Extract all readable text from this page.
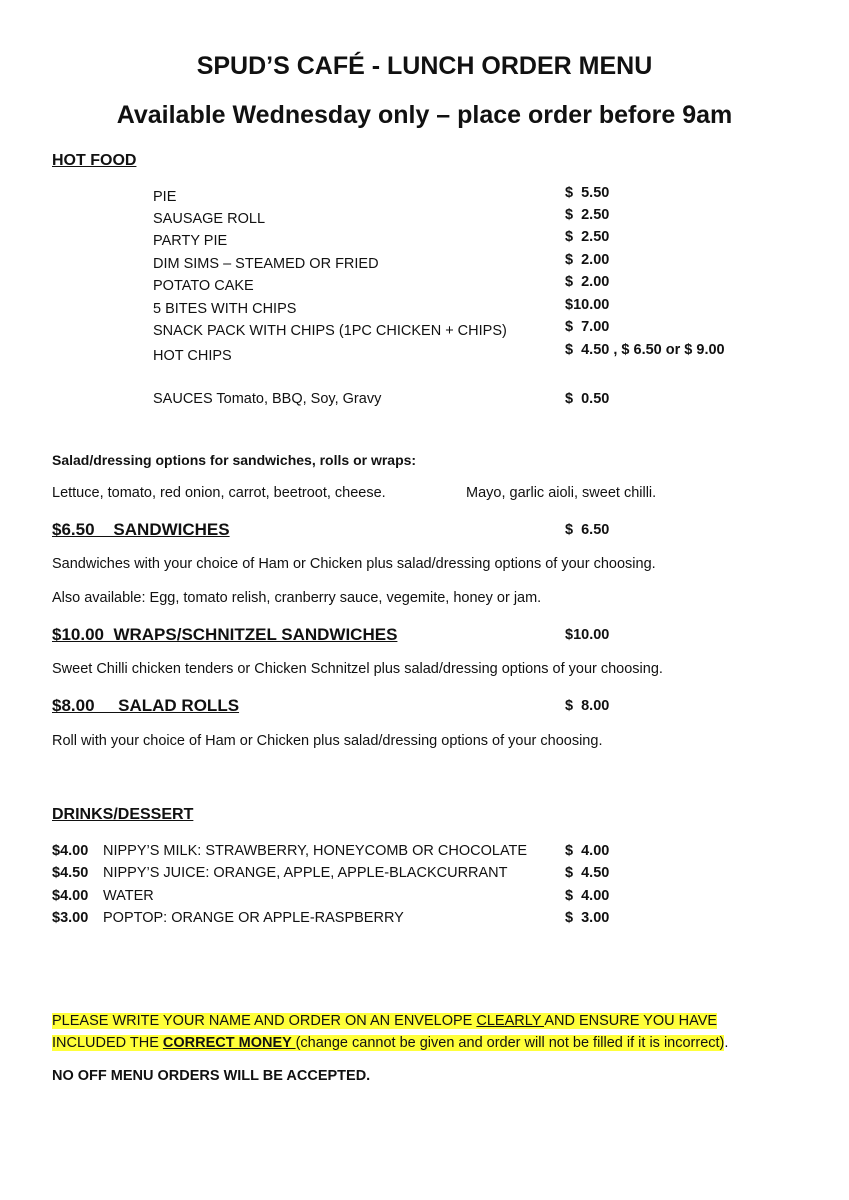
SPUD’S CAFÉ - LUNCH ORDER MENU
Available Wednesday only – place order before 9am
HOT FOOD
PIE	$  5.50
SAUSAGE ROLL	$  2.50
PARTY PIE	$  2.50
DIM SIMS – STEAMED OR FRIED	$  2.00
POTATO CAKE	$  2.00
5 BITES WITH CHIPS	$10.00
SNACK PACK WITH CHIPS (1PC CHICKEN + CHIPS)	$  7.00
HOT CHIPS	$  4.50 , $ 6.50 or $ 9.00
SAUCES Tomato, BBQ, Soy, Gravy	$  0.50
Salad/dressing options for sandwiches, rolls or wraps:
Lettuce, tomato, red onion, carrot, beetroot, cheese.	Mayo, garlic aioli, sweet chilli.
$6.50    SANDWICHES	$  6.50
Sandwiches with your choice of Ham or Chicken plus salad/dressing options of your choosing.
Also available: Egg, tomato relish, cranberry sauce, vegemite, honey or jam.
$10.00  WRAPS/SCHNITZEL SANDWICHES	$10.00
Sweet Chilli chicken tenders or Chicken Schnitzel plus salad/dressing options of your choosing.
$8.00     SALAD ROLLS	$  8.00
Roll with your choice of Ham or Chicken plus salad/dressing options of your choosing.
DRINKS/DESSERT
$4.00 NIPPY’S MILK: STRAWBERRY, HONEYCOMB OR CHOCOLATE	$  4.00
$4.50 NIPPY’S JUICE: ORANGE, APPLE, APPLE-BLACKCURRANT	$  4.50
$4.00 WATER	$  4.00
$3.00 POPTOP: ORANGE OR APPLE-RASPBERRY	$  3.00
PLEASE WRITE YOUR NAME AND ORDER ON AN ENVELOPE CLEARLY AND ENSURE YOU HAVE INCLUDED THE CORRECT MONEY (change cannot be given and order will not be filled if it is incorrect).
NO OFF MENU ORDERS WILL BE ACCEPTED.
